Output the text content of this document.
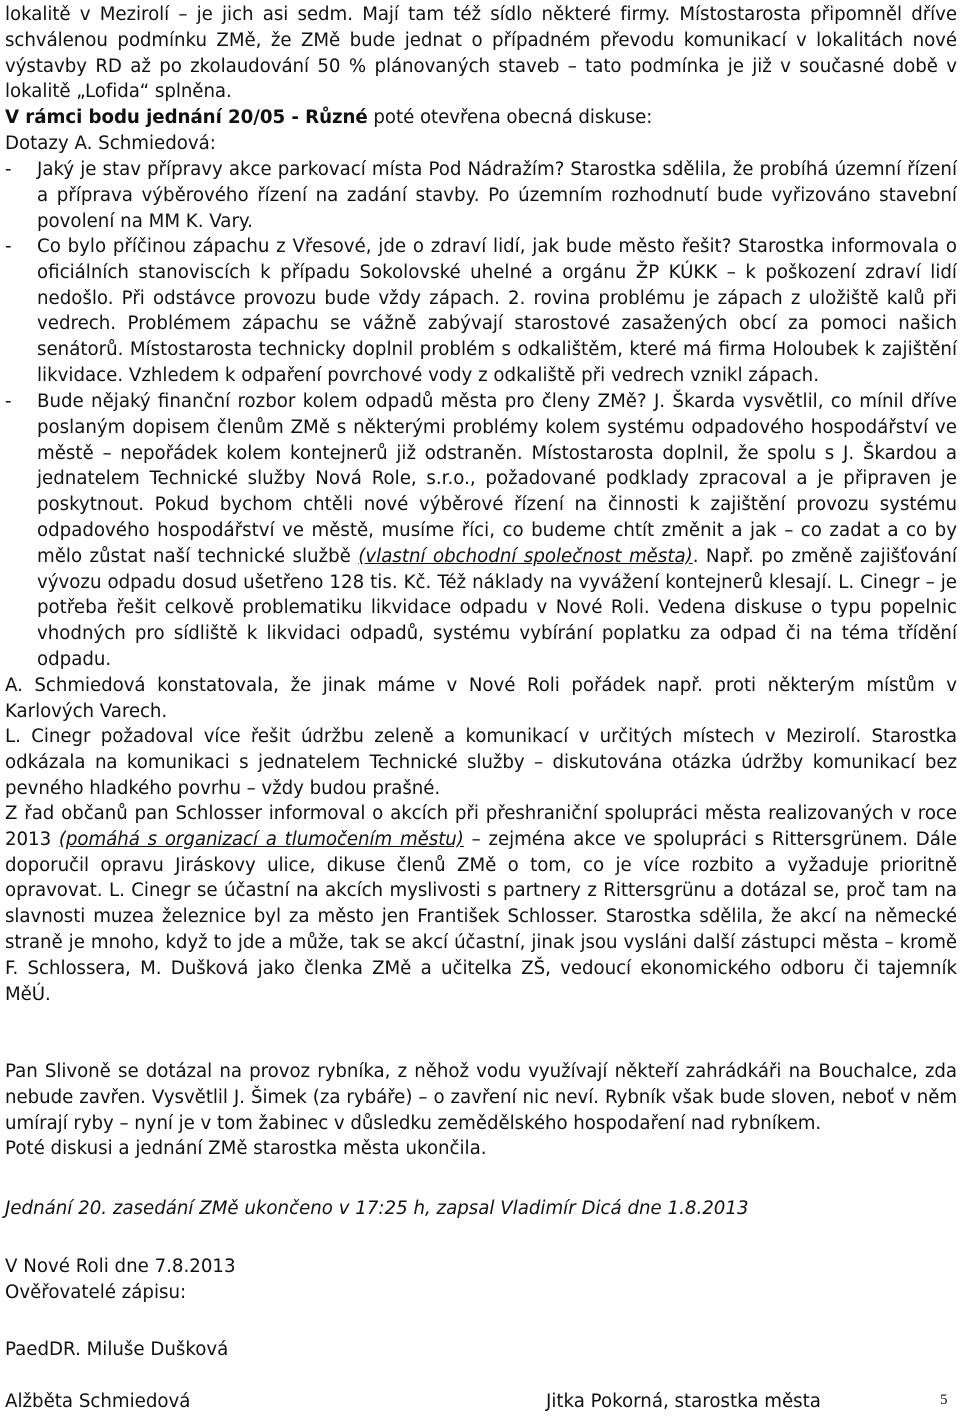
lokalitě v Mezirolí – je jich asi sedm. Mají tam též sídlo některé firmy. Místostarosta připomněl dříve schválenou podmínku ZMě, že ZMě bude jednat o případném převodu komunikací v lokalitách nové výstavby RD až po zkolaudování 50 % plánovaných staveb – tato podmínka je již v současné době v lokalitě „Lofida“ splněna.

V rámci bodu jednání 20/05 - Různé poté otevřena obecná diskuse:

Dotazy A. Schmiedová:

- Jaký je stav přípravy akce parkovací místa Pod Nádražím? Starostka sdělila, že probíhá územní řízení a příprava výběrového řízení na zadání stavby. Po územním rozhodnutí bude vyřizováno stavební povolení na MM K. Vary.
- Co bylo příčinou zápachu z Vřesové, jde o zdraví lidí, jak bude město řešit? Starostka informovala o oficiálních stanoviscích k případu Sokolovské uhelné a orgánu ŽP KÚKK – k poškození zdraví lidí nedošlo. Při odstávce provozu bude vždy zápach. 2. rovina problému je zápach z uložiště kalů při vedrech. Problémem zápachu se vážně zabývají starostové zasažených obcí za pomoci našich senátorů. Místostarosta technicky doplnil problém s odkalištěm, které má firma Holoubek k zajištění likvidace. Vzhledem k odpaření povrchové vody z odkaliště při vedrech vznikl zápach.
- Bude nějaký finanční rozbor kolem odpadů města pro členy ZMě? J. Škarda vysvětlil, co mínil dříve poslaným dopisem členům ZMě s některými problémy kolem systému odpadového hospodářství ve městě – nepořádek kolem kontejnerů již odstraněn. Místostarosta doplnil, že spolu s J. Škardou a jednatelem Technické služby Nová Role, s.r.o., požadované podklady zpracoval a je připraven je poskytnout. Pokud bychom chtěli nové výběrové řízení na činnosti k zajištění provozu systému odpadového hospodářství ve městě, musíme říci, co budeme chtít změnit a jak – co zadat a co by mělo zůstat naší technické službě (vlastní obchodní společnost města). Např. po změně zajišťování vývozu odpadu dosud ušetřeno 128 tis. Kč. Též náklady na vyvážení kontejnerů klesají. L. Cinegr – je potřeba řešit celkově problematiku likvidace odpadu v Nové Roli. Vedena diskuse o typu popelnic vhodných pro sídliště k likvidaci odpadů, systému vybírání poplatku za odpad či na téma třídění odpadu.

A. Schmiedová konstatovala, že jinak máme v Nové Roli pořádek např. proti některým místům v Karlových Varech.

L. Cinegr požadoval více řešit údržbu zeleně a komunikací v určitých místech v Mezirolí. Starostka odkázala na komunikaci s jednatelem Technické služby – diskutována otázka údržby komunikací bez pevného hladkého povrhu – vždy budou prašné.

Z řad občanů pan Schlosser informoval o akcích při přeshraniční spolupráci města realizovaných v roce 2013 (pomáhá s organizací a tlumočením městu) – zejména akce ve spolupráci s Rittersgrünem. Dále doporučil opravu Jiráskovy ulice, dikuse členů ZMě o tom, co je více rozbito a vyžaduje prioritně opravovat. L. Cinegr se účastní na akcích myslivosti s partnery z Rittersgrünu a dotázal se, proč tam na slavnosti muzea železnice byl za město jen František Schlosser. Starostka sdělila, že akcí na německé straně je mnoho, když to jde a může, tak se akcí účastní, jinak jsou vysláni další zástupci města – kromě F. Schlossera, M. Dušková jako členka ZMě a učitelka ZŠ, vedoucí ekonomického odboru či tajemník MěÚ.

Pan Slivoně se dotázal na provoz rybníka, z něhož vodu využívají někteří zahrádkáři na Bouchalce, zda nebude zavřen. Vysvětlil J. Šimek (za rybáře) – o zavření nic neví. Rybník však bude sloven, neboť v něm umírají ryby – nyní je v tom žabinec v důsledku zemědělského hospodaření nad rybníkem.

Poté diskusi a jednání ZMě starostka města ukončila.

Jednání 20. zasedání ZMě ukončeno v 17:25 h, zapsal Vladimír Dicá dne 1.8.2013

V Nové Roli dne 7.8.2013

Ověřovatelé zápisu:

PaedDR. Miluše Dušková

Alžběta Schmiedová	Jitka Pokorná, starostka města	5
